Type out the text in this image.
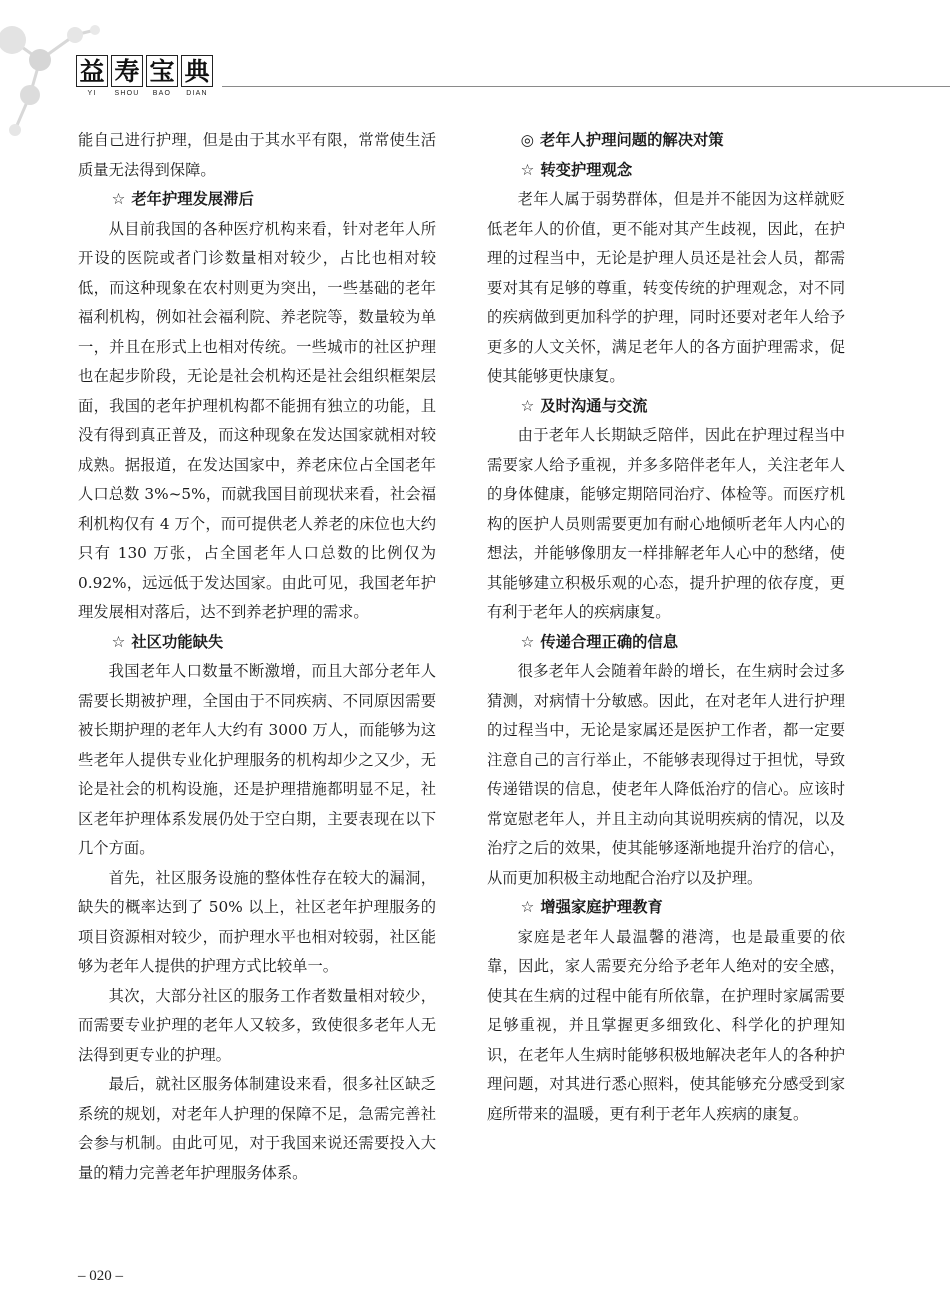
益 寿 宝 典
YI	SHOU	BAO	DIAN

能自己进行护理，但是由于其水平有限，常常使生活质量无法得到保障。

☆ 老年护理发展滞后

从目前我国的各种医疗机构来看，针对老年人所开设的医院或者门诊数量相对较少，占比也相对较低，而这种现象在农村则更为突出，一些基础的老年福利机构，例如社会福利院、养老院等，数量较为单一，并且在形式上也相对传统。一些城市的社区护理也在起步阶段，无论是社会机构还是社会组织框架层面，我国的老年护理机构都不能拥有独立的功能，且没有得到真正普及，而这种现象在发达国家就相对较成熟。据报道，在发达国家中，养老床位占全国老年人口总数 3%~5%，而就我国目前现状来看，社会福利机构仅有 4 万个，而可提供老人养老的床位也大约只有 130 万张，占全国老年人口总数的比例仅为 0.92%，远远低于发达国家。由此可见，我国老年护理发展相对落后，达不到养老护理的需求。

☆ 社区功能缺失

我国老年人口数量不断激增，而且大部分老年人需要长期被护理，全国由于不同疾病、不同原因需要被长期护理的老年人大约有 3000 万人，而能够为这些老年人提供专业化护理服务的机构却少之又少，无论是社会的机构设施，还是护理措施都明显不足，社区老年护理体系发展仍处于空白期，主要表现在以下几个方面。

首先，社区服务设施的整体性存在较大的漏洞，缺失的概率达到了 50% 以上，社区老年护理服务的项目资源相对较少，而护理水平也相对较弱，社区能够为老年人提供的护理方式比较单一。

其次，大部分社区的服务工作者数量相对较少，而需要专业护理的老年人又较多，致使很多老年人无法得到更专业的护理。

最后，就社区服务体制建设来看，很多社区缺乏系统的规划，对老年人护理的保障不足，急需完善社会参与机制。由此可见，对于我国来说还需要投入大量的精力完善老年护理服务体系。

◎ 老年人护理问题的解决对策
☆ 转变护理观念

老年人属于弱势群体，但是并不能因为这样就贬低老年人的价值，更不能对其产生歧视，因此，在护理的过程当中，无论是护理人员还是社会人员，都需要对其有足够的尊重，转变传统的护理观念，对不同的疾病做到更加科学的护理，同时还要对老年人给予更多的人文关怀，满足老年人的各方面护理需求，促使其能够更快康复。

☆ 及时沟通与交流

由于老年人长期缺乏陪伴，因此在护理过程当中需要家人给予重视，并多多陪伴老年人，关注老年人的身体健康，能够定期陪同治疗、体检等。而医疗机构的医护人员则需要更加有耐心地倾听老年人内心的想法，并能够像朋友一样排解老年人心中的愁绪，使其能够建立积极乐观的心态，提升护理的依存度，更有利于老年人的疾病康复。

☆ 传递合理正确的信息

很多老年人会随着年龄的增长，在生病时会过多猜测，对病情十分敏感。因此，在对老年人进行护理的过程当中，无论是家属还是医护工作者，都一定要注意自己的言行举止，不能够表现得过于担忧，导致传递错误的信息，使老年人降低治疗的信心。应该时常宽慰老年人，并且主动向其说明疾病的情况，以及治疗之后的效果，使其能够逐渐地提升治疗的信心，从而更加积极主动地配合治疗以及护理。

☆ 增强家庭护理教育

家庭是老年人最温馨的港湾，也是最重要的依靠，因此，家人需要充分给予老年人绝对的安全感，使其在生病的过程中能有所依靠，在护理时家属需要足够重视，并且掌握更多细致化、科学化的护理知识，在老年人生病时能够积极地解决老年人的各种护理问题，对其进行悉心照料，使其能够充分感受到家庭所带来的温暖，更有利于老年人疾病的康复。

– 020 –
